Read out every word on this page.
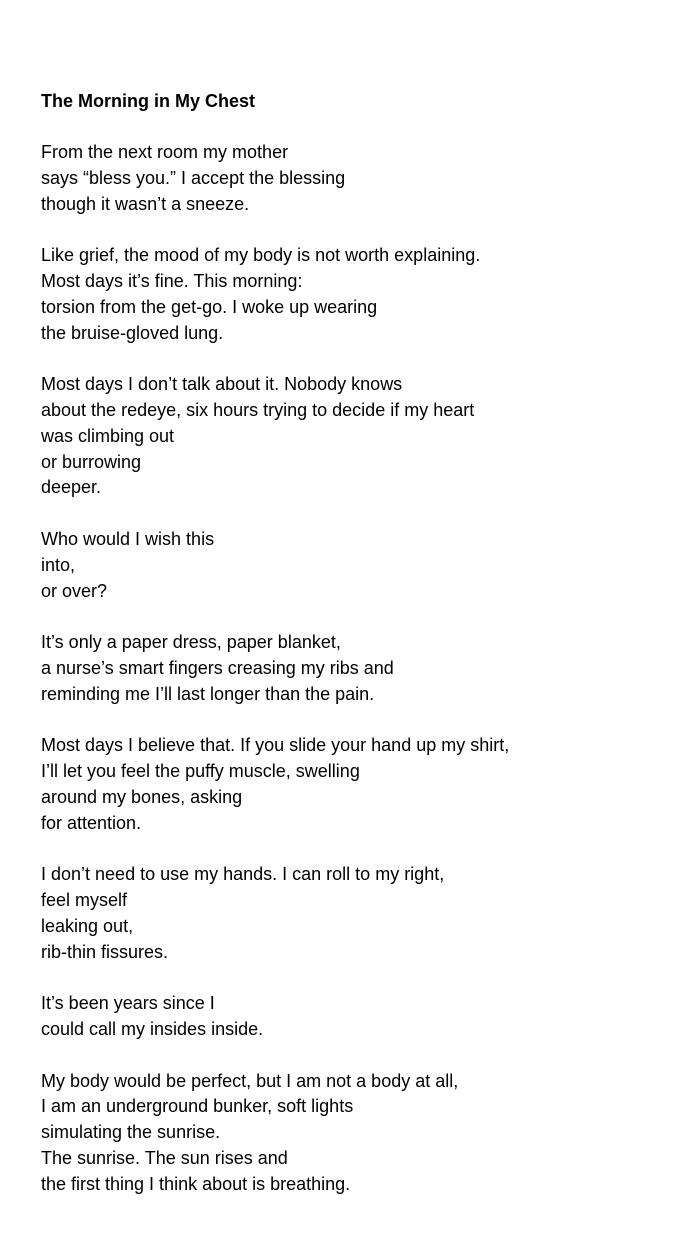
The Morning in My Chest
From the next room my mother
says “bless you.” I accept the blessing
though it wasn’t a sneeze.
Like grief, the mood of my body is not worth explaining.
Most days it’s fine. This morning:
torsion from the get-go. I woke up wearing
the bruise-gloved lung.
Most days I don’t talk about it. Nobody knows
about the redeye, six hours trying to decide if my heart
was climbing out
or burrowing
deeper.
Who would I wish this
into,
or over?
It’s only a paper dress, paper blanket,
a nurse’s smart fingers creasing my ribs and
reminding me I’ll last longer than the pain.
Most days I believe that. If you slide your hand up my shirt,
I’ll let you feel the puffy muscle, swelling
around my bones, asking
for attention.
I don’t need to use my hands. I can roll to my right,
feel myself
leaking out,
rib-thin fissures.
It’s been years since I
could call my insides inside.
My body would be perfect, but I am not a body at all,
I am an underground bunker, soft lights
simulating the sunrise.
The sunrise. The sun rises and
the first thing I think about is breathing.
